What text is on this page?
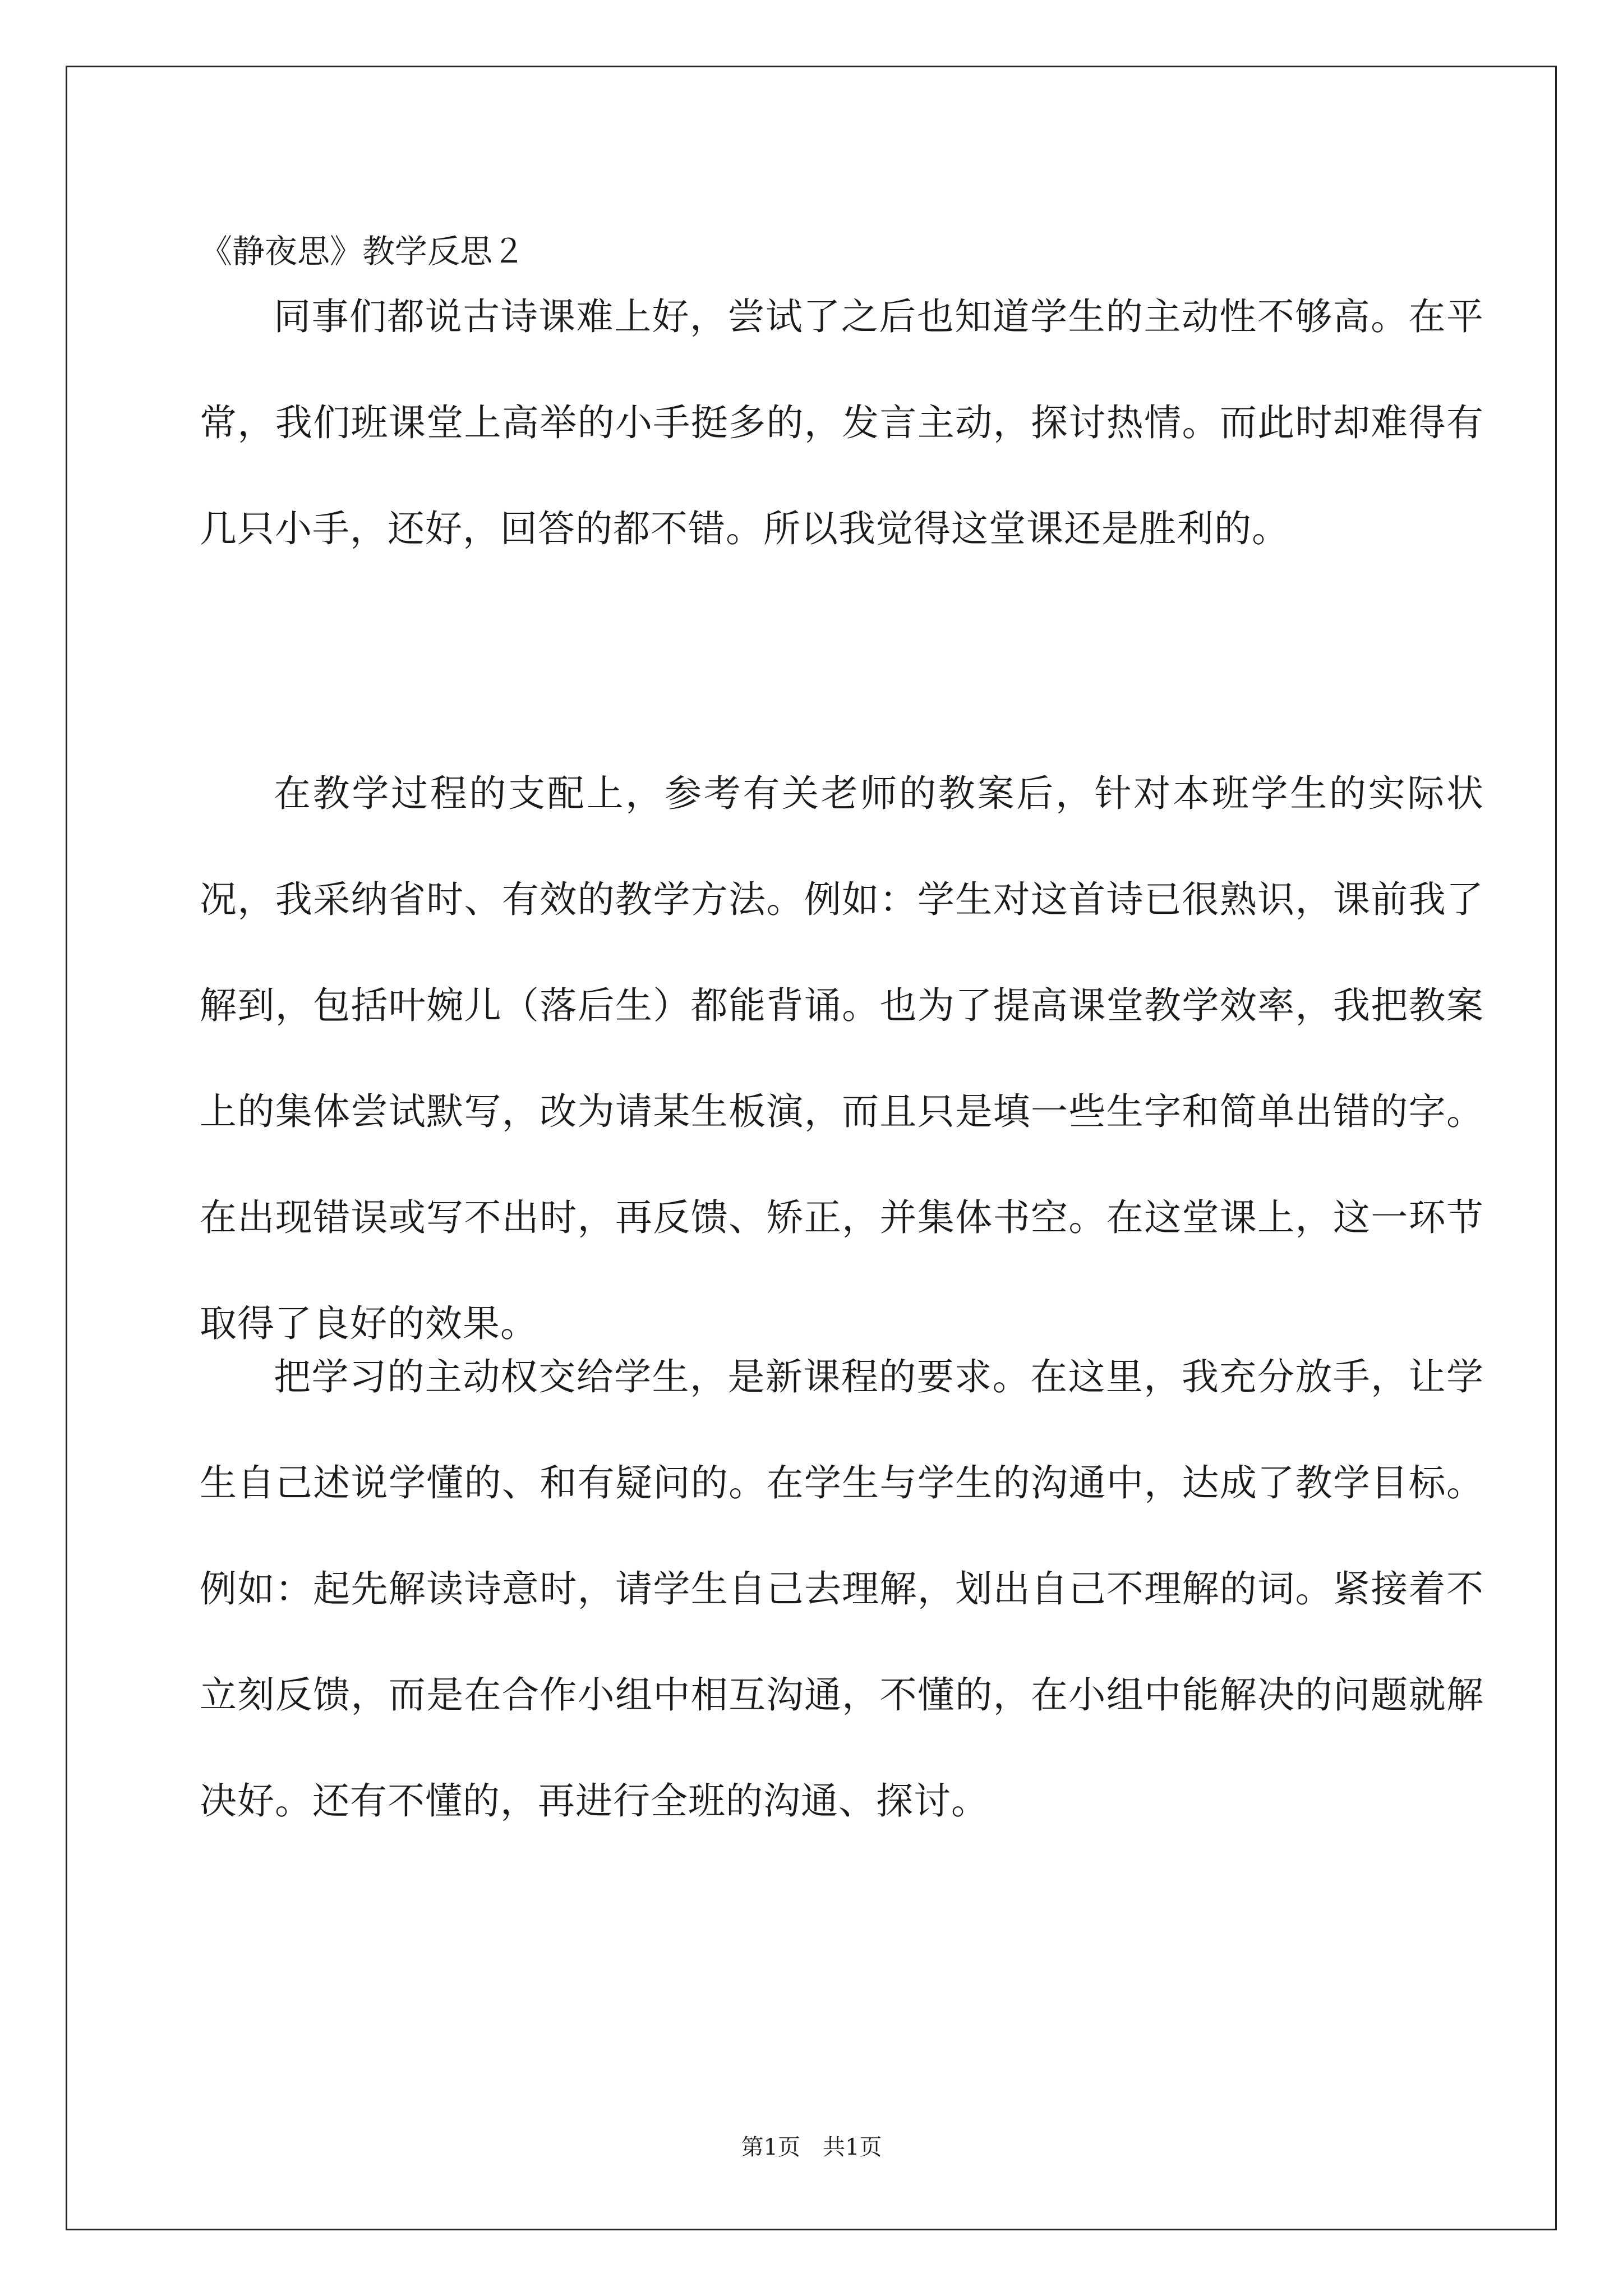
《静夜思》教学反思２

同事们都说古诗课难上好，尝试了之后也知道学生的主动性不够高。在平常，我们班课堂上高举的小手挺多的，发言主动，探讨热情。而此时却难得有几只小手，还好，回答的都不错。所以我觉得这堂课还是胜利的。

在教学过程的支配上，参考有关老师的教案后，针对本班学生的实际状况，我采纳省时、有效的教学方法。例如：学生对这首诗已很熟识，课前我了解到，包括叶婉儿（落后生）都能背诵。也为了提高课堂教学效率，我把教案上的集体尝试默写，改为请某生板演，而且只是填一些生字和简单出错的字。在出现错误或写不出时，再反馈、矫正，并集体书空。在这堂课上，这一环节取得了良好的效果。

把学习的主动权交给学生，是新课程的要求。在这里，我充分放手，让学生自己述说学懂的、和有疑问的。在学生与学生的沟通中，达成了教学目标。例如：起先解读诗意时，请学生自己去理解，划出自己不理解的词。紧接着不立刻反馈，而是在合作小组中相互沟通，不懂的，在小组中能解决的问题就解决好。还有不懂的，再进行全班的沟通、探讨。

第1页　共1页
